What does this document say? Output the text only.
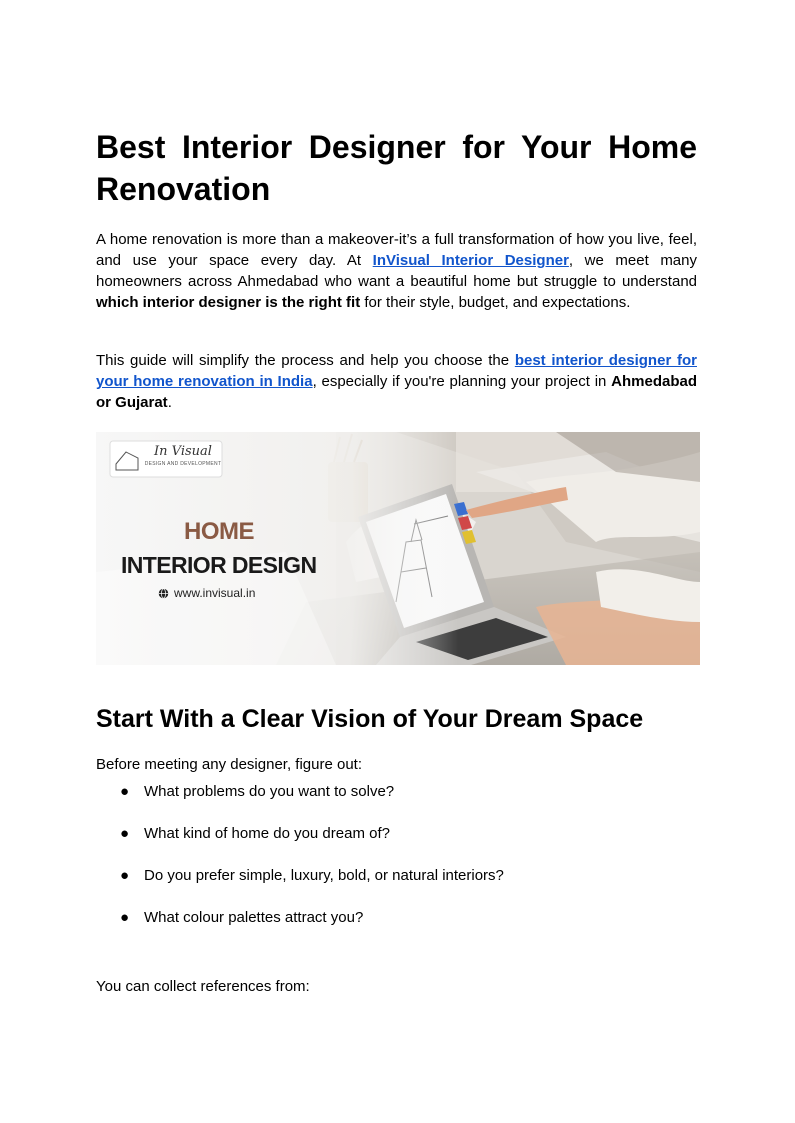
Best Interior Designer for Your Home Renovation

A home renovation is more than a makeover-it’s a full transformation of how you live, feel, and use your space every day. At InVisual Interior Designer, we meet many homeowners across Ahmedabad who want a beautiful home but struggle to understand which interior designer is the right fit for their style, budget, and expectations.

This guide will simplify the process and help you choose the best interior designer for your home renovation in India, especially if you're planning your project in Ahmedabad or Gujarat.

In Visual
DESIGN AND DEVELOPMENT
HOME
INTERIOR DESIGN
www.invisual.in
Start With a Clear Vision of Your Dream Space

Before meeting any designer, figure out:

● What problems do you want to solve?
● What kind of home do you dream of?
● Do you prefer simple, luxury, bold, or natural interiors?
● What colour palettes attract you?

You can collect references from:
